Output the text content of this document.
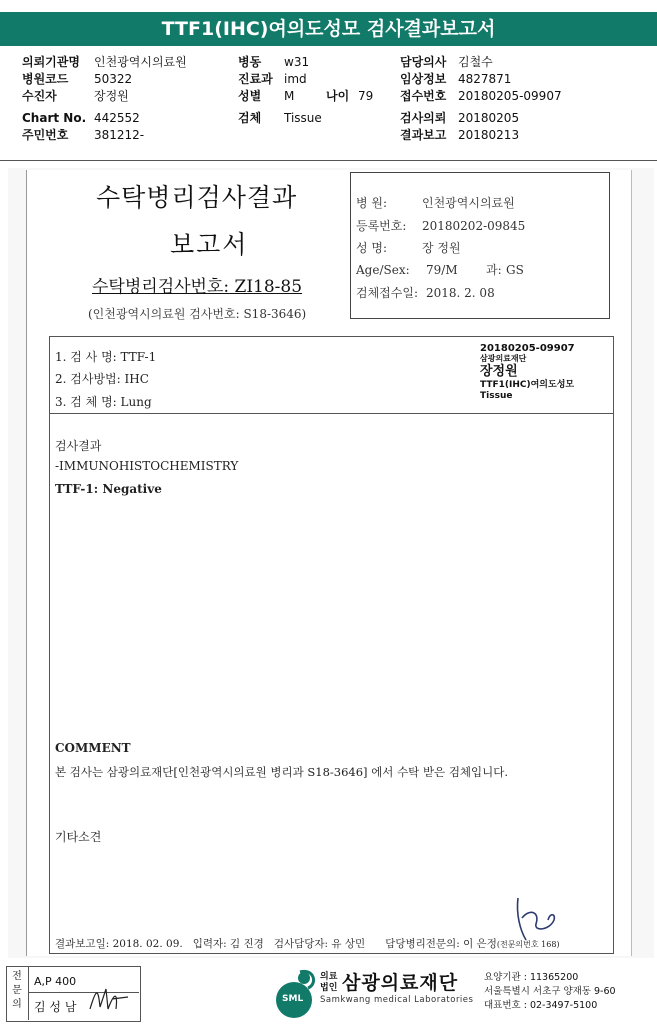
TTF1(IHC)여의도성모 검사결과보고서
의뢰기관명 인천광역시의료원
병원코드 50322
수진자	장정원
Chart No. 442552
주민번호 381212-
병동 w31
진료과 imd
성별 M	나이 79
검체 Tissue
담당의사 김철수
임상정보 4827871
접수번호 20180205-09907
검사의뢰 20180205
결과보고 20180213
수탁병리검사결과
보고서
수탁병리검사번호: ZI18-85
(인천광역시의료원 검사번호: S18-3646)
병 원:	인천광역시의료원
등록번호: 20180202-09845
성 명:	장 정원
Age/Sex: 79/M 과: GS
검체접수일: 2018. 2. 08
1. 검 사 명: TTF-1
2. 검사방법: IHC
3. 검 체 명: Lung
20180205-09907
삼광의료재단
장정원
TTF1(IHC)여의도성모
Tissue
검사결과
-IMMUNOHISTOCHEMISTRY
TTF-1: Negative
COMMENT
본 검사는 삼광의료재단[인천광역시의료원 병리과 S18-3646] 에서 수탁 받은 검체입니다.
기타소견
결과보고일: 2018. 02. 09.   입력자: 김 진경   검사담당자: 유 상민      담당병리전문의: 이 은정(전문의번호 168)
전문의
A,P 400
김 성 남
SML
의료
법인 삼광의료재단
Samkwang medical Laboratories
요양기관 : 11365200
서울특별시 서초구 양재동 9-60
대표번호 : 02-3497-5100
